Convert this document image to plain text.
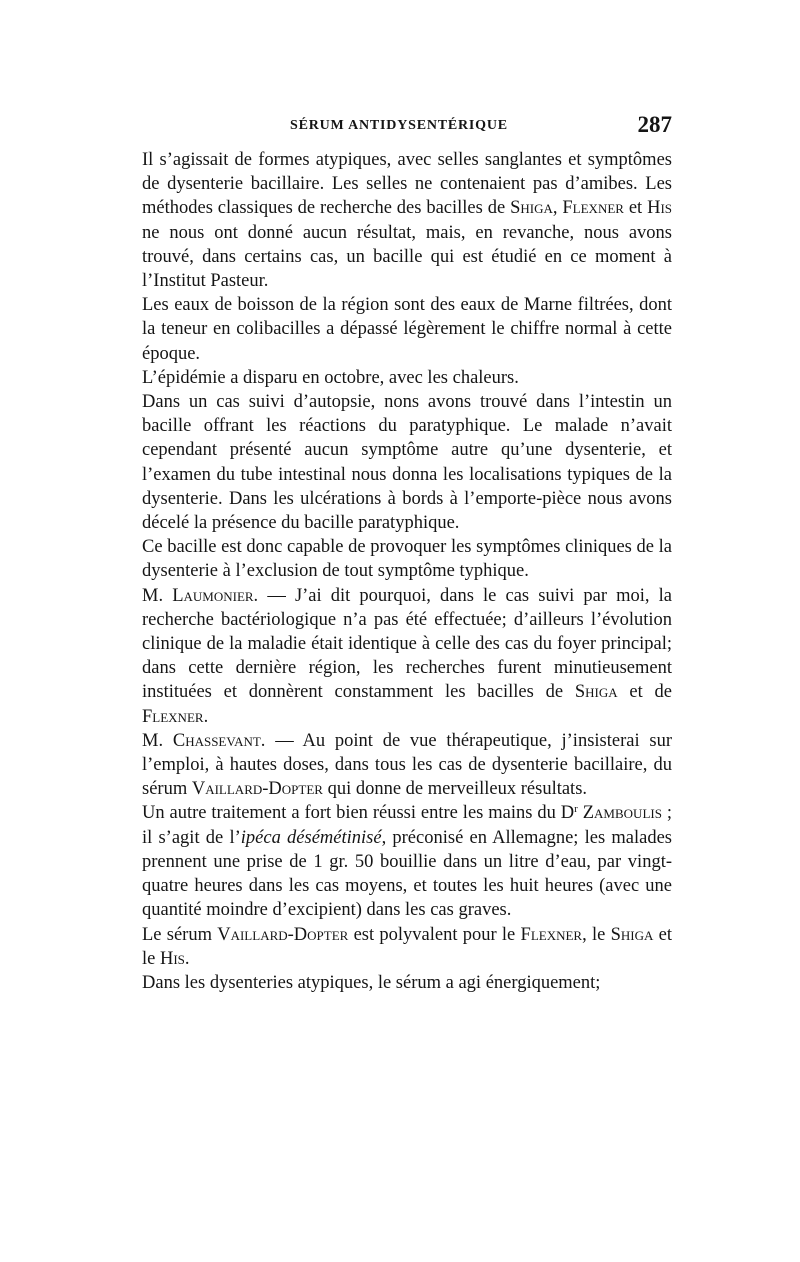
SÉRUM ANTIDYSENTÉRIQUE	287

Il s’agissait de formes atypiques, avec selles sanglantes et symptômes de dysenterie bacillaire. Les selles ne contenaient pas d’amibes. Les méthodes classiques de recherche des bacilles de Shiga, Flexner et His ne nous ont donné aucun résultat, mais, en revanche, nous avons trouvé, dans certains cas, un bacille qui est étudié en ce moment à l’Institut Pasteur.

Les eaux de boisson de la région sont des eaux de Marne filtrées, dont la teneur en colibacilles a dépassé légèrement le chiffre normal à cette époque.

L’épidémie a disparu en octobre, avec les chaleurs.

Dans un cas suivi d’autopsie, nons avons trouvé dans l’intestin un bacille offrant les réactions du paratyphique. Le malade n’avait cependant présenté aucun symptôme autre qu’une dysenterie, et l’examen du tube intestinal nous donna les localisations typiques de la dysenterie. Dans les ulcérations à bords à l’emporte-pièce nous avons décelé la présence du bacille paratyphique.

Ce bacille est donc capable de provoquer les symptômes cliniques de la dysenterie à l’exclusion de tout symptôme typhique.

M. Laumonier. — J’ai dit pourquoi, dans le cas suivi par moi, la recherche bactériologique n’a pas été effectuée; d’ailleurs l’évolution clinique de la maladie était identique à celle des cas du foyer principal; dans cette dernière région, les recherches furent minutieusement instituées et donnèrent constamment les bacilles de Shiga et de Flexner.

M. Chassevant. — Au point de vue thérapeutique, j’insisterai sur l’emploi, à hautes doses, dans tous les cas de dysenterie bacillaire, du sérum Vaillard-Dopter qui donne de merveilleux résultats.

Un autre traitement a fort bien réussi entre les mains du $D^r$ Zamboulis ; il s’agit de l’ipéca désémétinisé, préconisé en Allemagne; les malades prennent une prise de 1 gr. 50 bouillie dans un litre d’eau, par vingt-quatre heures dans les cas moyens, et toutes les huit heures (avec une quantité moindre d’excipient) dans les cas graves.

Le sérum Vaillard-Dopter est polyvalent pour le Flexner, le Shiga et le His.

Dans les dysenteries atypiques, le sérum a agi énergiquement;
